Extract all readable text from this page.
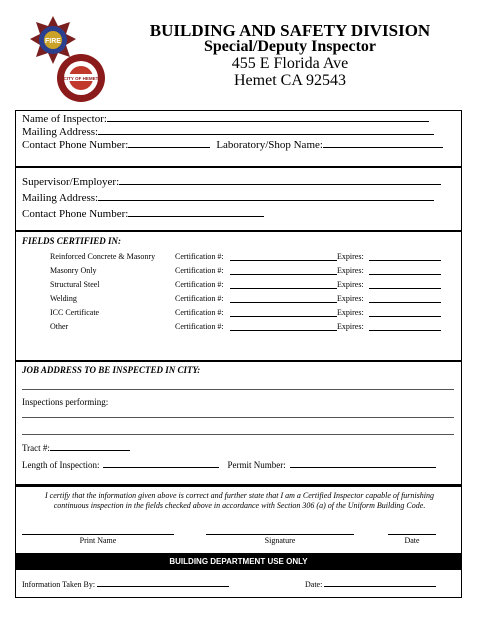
FIRE
CITY OF HEMET
BUILDING AND SAFETY DIVISION
Special/Deputy Inspector
455 E Florida Ave
Hemet CA 92543
Name of Inspector:
Mailing Address:
Contact Phone Number:	Laboratory/Shop Name:
Supervisor/Employer:
Mailing Address:
Contact Phone Number:
FIELDS CERTIFIED IN:
Reinforced Concrete & Masonry Certification #:	Expires:
Masonry Only	Certification #:	Expires:
Structural Steel	Certification #:	Expires:
Welding	Certification #:	Expires:
ICC Certificate	Certification #:	Expires:
Other	Certification #:	Expires:
JOB ADDRESS TO BE INSPECTED IN CITY:
Inspections performing:
Tract #:
Length of Inspection:	Permit Number:
I certify that the information given above is correct and further state that I am a Certified Inspector capable of furnishing continuous inspection in the fields checked above in accordance with Section 306 (a) of the Uniform Building Code.
Print Name	Signature	Date
BUILDING DEPARTMENT USE ONLY
Information Taken By:	Date:
